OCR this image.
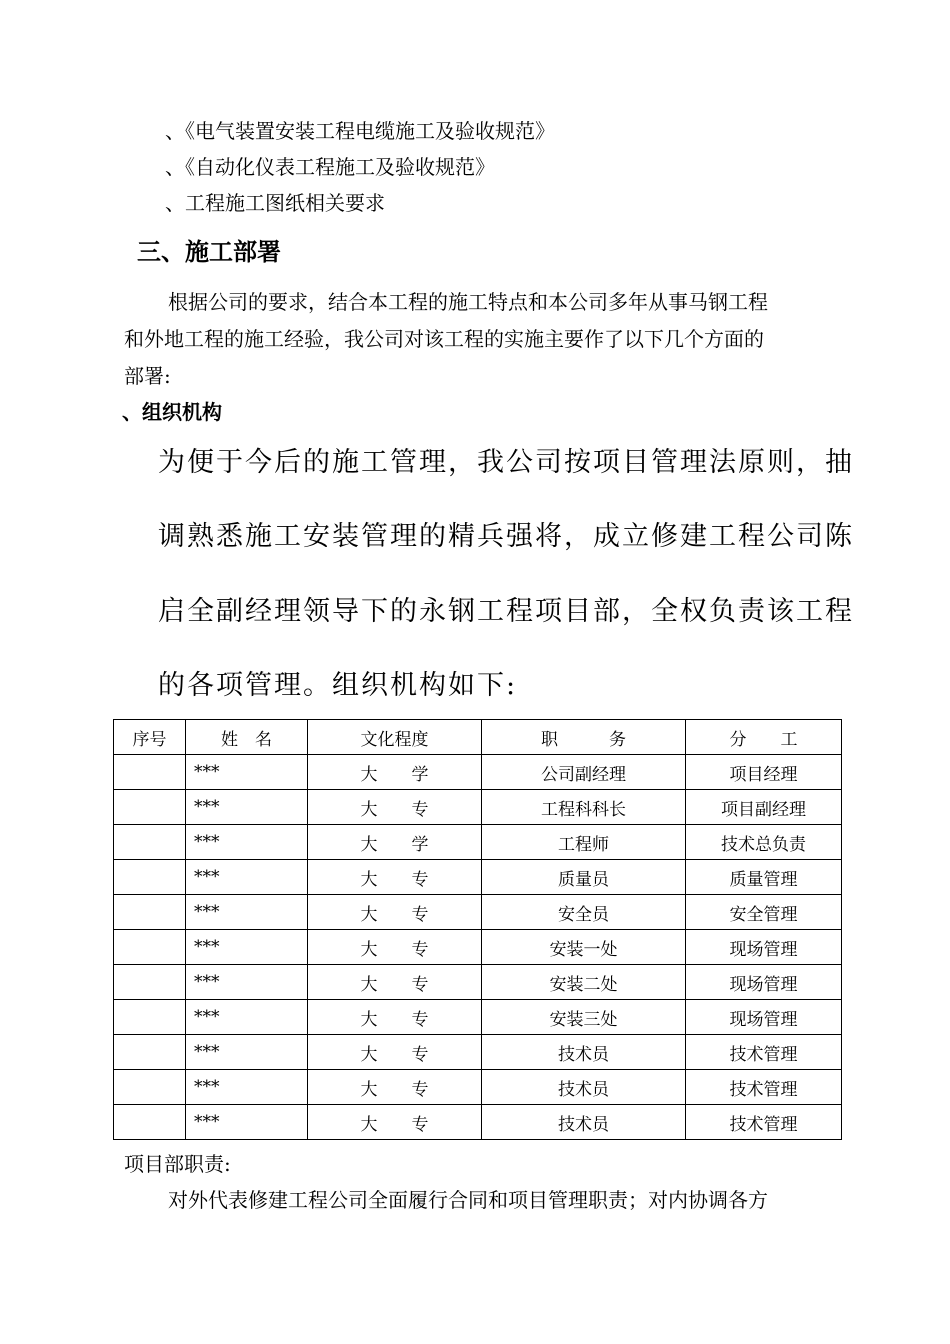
、《电气装置安装工程电缆施工及验收规范》
、《自动化仪表工程施工及验收规范》
、工程施工图纸相关要求
三、施工部署
根据公司的要求，结合本工程的施工特点和本公司多年从事马钢工程
和外地工程的施工经验，我公司对该工程的实施主要作了以下几个方面的
部署:
、组织机构
为便于今后的施工管理，我公司按项目管理法原则，抽
调熟悉施工安装管理的精兵强将，成立修建工程公司陈
启全副经理领导下的永钢工程项目部，全权负责该工程
的各项管理。组织机构如下:
序号	姓　名	文化程度	职　　　务	分　　工
	***	大　　学	公司副经理	项目经理
	***	大　　专	工程科科长	项目副经理
	***	大　　学	工程师	技术总负责
	***	大　　专	质量员	质量管理
	***	大　　专	安全员	安全管理
	***	大　　专	安装一处	现场管理
	***	大　　专	安装二处	现场管理
	***	大　　专	安装三处	现场管理
	***	大　　专	技术员	技术管理
	***	大　　专	技术员	技术管理
	***	大　　专	技术员	技术管理
项目部职责:
对外代表修建工程公司全面履行合同和项目管理职责；对内协调各方
